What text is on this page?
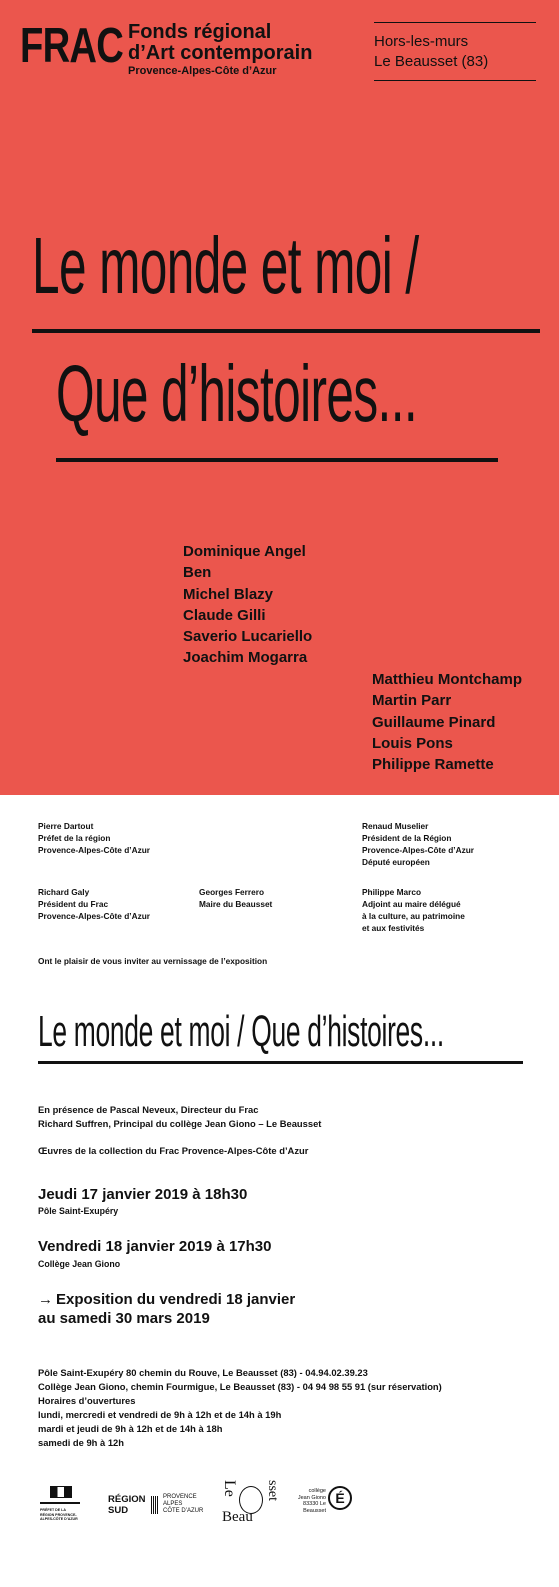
FRAC Fonds régional
d’Art contemporain
Provence-Alpes-Côte d’Azur
Hors-les-murs
Le Beausset (83)
Le monde et moi /
Que d’histoires...
Dominique Angel
Ben
Michel Blazy
Claude Gilli
Saverio Lucariello
Joachim Mogarra
Matthieu Montchamp
Martin Parr
Guillaume Pinard
Louis Pons
Philippe Ramette
Pierre Dartout
Préfet de la région
Provence-Alpes-Côte d’Azur
Renaud Muselier
Président de la Région
Provence-Alpes-Côte d’Azur
Député européen
Richard Galy
Président du Frac
Provence-Alpes-Côte d’Azur
Georges Ferrero
Maire du Beausset
Philippe Marco
Adjoint au maire délégué
à la culture, au patrimoine
et aux festivités
Ont le plaisir de vous inviter au vernissage de l’exposition
Le monde et moi / Que d’histoires...
En présence de Pascal Neveux, Directeur du Frac
Richard Suffren, Principal du collège Jean Giono – Le Beausset
Œuvres de la collection du Frac Provence-Alpes-Côte d’Azur
Jeudi 17 janvier 2019 à 18h30
Pôle Saint-Exupéry
Vendredi 18 janvier 2019 à 17h30
Collège Jean Giono
→ Exposition du vendredi 18 janvier
au samedi 30 mars 2019
Pôle Saint-Exupéry 80 chemin du Rouve, Le Beausset (83) - 04.94.02.39.23
Collège Jean Giono, chemin Fourmigue, Le Beausset (83) - 04 94 98 55 91 (sur réservation)
Horaires d’ouvertures
lundi, mercredi et vendredi de 9h à 12h et de 14h à 19h
mardi et jeudi de 9h à 12h et de 14h à 18h
samedi de 9h à 12h
PRÉFET DE LA RÉGION PROVENCE-ALPES-CÔTE D’AZUR
RÉGION
SUD
PROVENCE
ALPES
CÔTE D’AZUR
Le
Beau
sset	collège
Jean Giono
83330 Le Beausset
É
